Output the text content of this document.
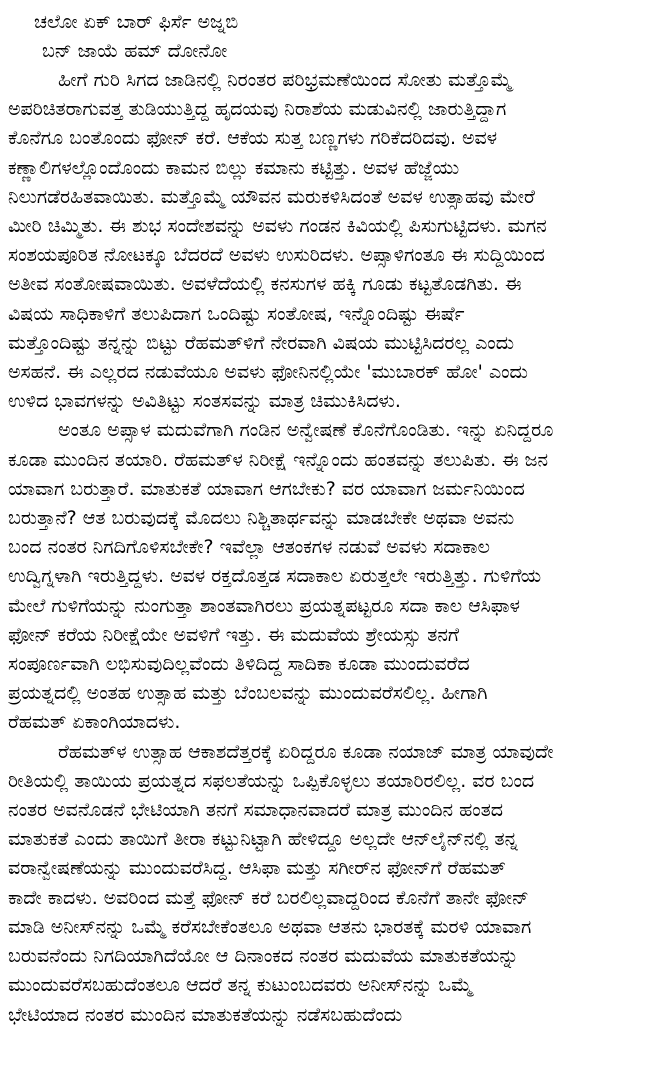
ಚಲೋ ಏಕ್ ಬಾರ್ ಫಿರ್ಸೆ ಅಜ್ನಬಿ
ಬನ್ ಜಾಯೆ ಹಮ್ ದೋನೋ
ಹೀಗೆ ಗುರಿ ಸಿಗದ ಜಾಡಿನಲ್ಲಿ ನಿರಂತರ ಪರಿಭ್ರಮಣೆಯಿಂದ ಸೋತು ಮತ್ತೊಮ್ಮೆ
ಅಪರಿಚಿತರಾಗುವತ್ತ ತುಡಿಯುತ್ತಿದ್ದ ಹೃದಯವು ನಿರಾಶೆಯ ಮಡುವಿನಲ್ಲಿ ಜಾರುತ್ತಿದ್ದಾಗ
ಕೊನೆಗೂ ಬಂತೊಂದು ಫೋನ್ ಕರೆ. ಆಕೆಯ ಸುತ್ತ ಬಣ್ಣಗಳು ಗರಿಕೆದರಿದವು. ಅವಳ
ಕಣ್ಣಾಲಿಗಳಲ್ಲೊಂದೊಂದು ಕಾಮನ ಬಿಲ್ಲು ಕಮಾನು ಕಟ್ಟಿತ್ತು. ಅವಳ ಹೆಜ್ಜೆಯು
ನಿಲುಗಡೆರಹಿತವಾಯಿತು. ಮತ್ತೊಮ್ಮೆ ಯೌವನ ಮರುಕಳಿಸಿದಂತೆ ಅವಳ ಉತ್ಸಾಹವು ಮೇರೆ
ಮೀರಿ ಚಿಮ್ಮಿತು. ಈ ಶುಭ ಸಂದೇಶವನ್ನು ಅವಳು ಗಂಡನ ಕಿವಿಯಲ್ಲಿ ಪಿಸುಗುಟ್ಟಿದಳು. ಮಗನ
ಸಂಶಯಪೂರಿತ ನೋಟಕ್ಕೂ ಬೆದರದೆ ಅವಳು ಉಸುರಿದಳು. ಅಪ್ಸಾಳಿಗಂತೂ ಈ ಸುದ್ದಿಯಿಂದ
ಅತೀವ ಸಂತೋಷವಾಯಿತು. ಅವಳೆದೆಯಲ್ಲಿ ಕನಸುಗಳ ಹಕ್ಕಿ ಗೂಡು ಕಟ್ಟತೊಡಗಿತು. ಈ
ವಿಷಯ ಸಾಧಿಕಾಳಿಗೆ ತಲುಪಿದಾಗ ಒಂದಿಷ್ಟು ಸಂತೋಷ, ಇನ್ನೊಂದಿಷ್ಟು ಈರ್ಷೆ
ಮತ್ತೊಂದಿಷ್ಟು ತನ್ನನ್ನು ಬಿಟ್ಟು ರೆಹಮತ್‌ಳಿಗೆ ನೇರವಾಗಿ ವಿಷಯ ಮುಟ್ಟಿಸಿದರಲ್ಲ ಎಂದು
ಅಸಹನೆ. ಈ ಎಲ್ಲರದ ನಡುವೆಯೂ ಅವಳು ಫೋನಿನಲ್ಲಿಯೇ 'ಮುಬಾರಕ್ ಹೋ' ಎಂದು
ಉಳಿದ ಭಾವಗಳನ್ನು ಅವಿತಿಟ್ಟು ಸಂತಸವನ್ನು ಮಾತ್ರ ಚಿಮುಕಿಸಿದಳು.
ಅಂತೂ ಅಪ್ಸಾಳ ಮದುವೆಗಾಗಿ ಗಂಡಿನ ಅನ್ವೇಷಣೆ ಕೊನೆಗೊಂಡಿತು. ಇನ್ನು ಏನಿದ್ದರೂ
ಕೂಡಾ ಮುಂದಿನ ತಯಾರಿ. ರೆಹಮತ್‌ಳ ನಿರೀಕ್ಷೆ ಇನ್ನೊಂದು ಹಂತವನ್ನು ತಲುಪಿತು. ಈ ಜನ
ಯಾವಾಗ ಬರುತ್ತಾರೆ. ಮಾತುಕತೆ ಯಾವಾಗ ಆಗಬೇಕು? ವರ ಯಾವಾಗ ಜರ್ಮನಿಯಿಂದ
ಬರುತ್ತಾನೆ? ಆತ ಬರುವುದಕ್ಕೆ ಮೊದಲು ನಿಶ್ಚಿತಾರ್ಥವನ್ನು ಮಾಡಬೇಕೇ ಅಥವಾ ಅವನು
ಬಂದ ನಂತರ ನಿಗದಿಗೊಳಿಸಬೇಕೇ? ಇವೆಲ್ಲಾ ಆತಂಕಗಳ ನಡುವೆ ಅವಳು ಸದಾಕಾಲ
ಉದ್ವಿಗ್ನಳಾಗಿ ಇರುತ್ತಿದ್ದಳು. ಅವಳ ರಕ್ತದೊತ್ತಡ ಸದಾಕಾಲ ಏರುತ್ತಲೇ ಇರುತ್ತಿತ್ತು. ಗುಳಿಗೆಯ
ಮೇಲೆ ಗುಳಿಗೆಯನ್ನು ನುಂಗುತ್ತಾ ಶಾಂತವಾಗಿರಲು ಪ್ರಯತ್ನಪಟ್ಟರೂ ಸದಾ ಕಾಲ ಆಸಿಫಾಳ
ಫೋನ್ ಕರೆಯ ನಿರೀಕ್ಷೆಯೇ ಅವಳಿಗೆ ಇತ್ತು. ಈ ಮದುವೆಯ ಶ್ರೇಯಸ್ಸು ತನಗೆ
ಸಂಪೂರ್ಣವಾಗಿ ಲಭಿಸುವುದಿಲ್ಲವೆಂದು ತಿಳಿದಿದ್ದ ಸಾದಿಕಾ ಕೂಡಾ ಮುಂದುವರೆದ
ಪ್ರಯತ್ನದಲ್ಲಿ ಅಂತಹ ಉತ್ಸಾಹ ಮತ್ತು ಬೆಂಬಲವನ್ನು ಮುಂದುವರೆಸಲಿಲ್ಲ. ಹೀಗಾಗಿ
ರೆಹಮತ್ ಏಕಾಂಗಿಯಾದಳು.
ರೆಹಮತ್‌ಳ ಉತ್ಸಾಹ ಆಕಾಶದೆತ್ತರಕ್ಕೆ ಏರಿದ್ದರೂ ಕೂಡಾ ನಯಾಜ್ ಮಾತ್ರ ಯಾವುದೇ
ರೀತಿಯಲ್ಲಿ ತಾಯಿಯ ಪ್ರಯತ್ನದ ಸಫಲತೆಯನ್ನು ಒಪ್ಪಿಕೊಳ್ಳಲು ತಯಾರಿರಲಿಲ್ಲ. ವರ ಬಂದ
ನಂತರ ಅವನೊಡನೆ ಭೇಟಿಯಾಗಿ ತನಗೆ ಸಮಾಧಾನವಾದರೆ ಮಾತ್ರ ಮುಂದಿನ ಹಂತದ
ಮಾತುಕತೆ ಎಂದು ತಾಯಿಗೆ ತೀರಾ ಕಟ್ಟುನಿಟ್ಟಾಗಿ ಹೇಳಿದ್ದೂ ಅಲ್ಲದೇ ಆನ್‌ಲೈನ್‌ನಲ್ಲಿ ತನ್ನ
ವರಾನ್ವೇಷಣೆಯನ್ನು ಮುಂದುವರೆಸಿದ್ದ. ಆಸಿಫಾ ಮತ್ತು ಸಗೀರ್‌ನ ಫೋನ್‌ಗೆ ರೆಹಮತ್
ಕಾದೇ ಕಾದಳು. ಅವರಿಂದ ಮತ್ತೆ ಫೋನ್ ಕರೆ ಬರಲಿಲ್ಲವಾದ್ದರಿಂದ ಕೊನೆಗೆ ತಾನೇ ಫೋನ್
ಮಾಡಿ ಅನೀಸ್‌ನನ್ನು ಒಮ್ಮೆ ಕರೆಸಬೇಕೆಂತಲೂ ಅಥವಾ ಆತನು ಭಾರತಕ್ಕೆ ಮರಳಿ ಯಾವಾಗ
ಬರುವನೆಂದು ನಿಗದಿಯಾಗಿದೆಯೋ ಆ ದಿನಾಂಕದ ನಂತರ ಮದುವೆಯ ಮಾತುಕತೆಯನ್ನು
ಮುಂದುವರೆಸಬಹುದೆಂತಲೂ ಆದರೆ ತನ್ನ ಕುಟುಂಬದವರು ಅನೀಸ್‌ನನ್ನು ಒಮ್ಮೆ
ಭೇಟಿಯಾದ ನಂತರ ಮುಂದಿನ ಮಾತುಕತೆಯನ್ನು ನಡೆಸಬಹುದೆಂದು
